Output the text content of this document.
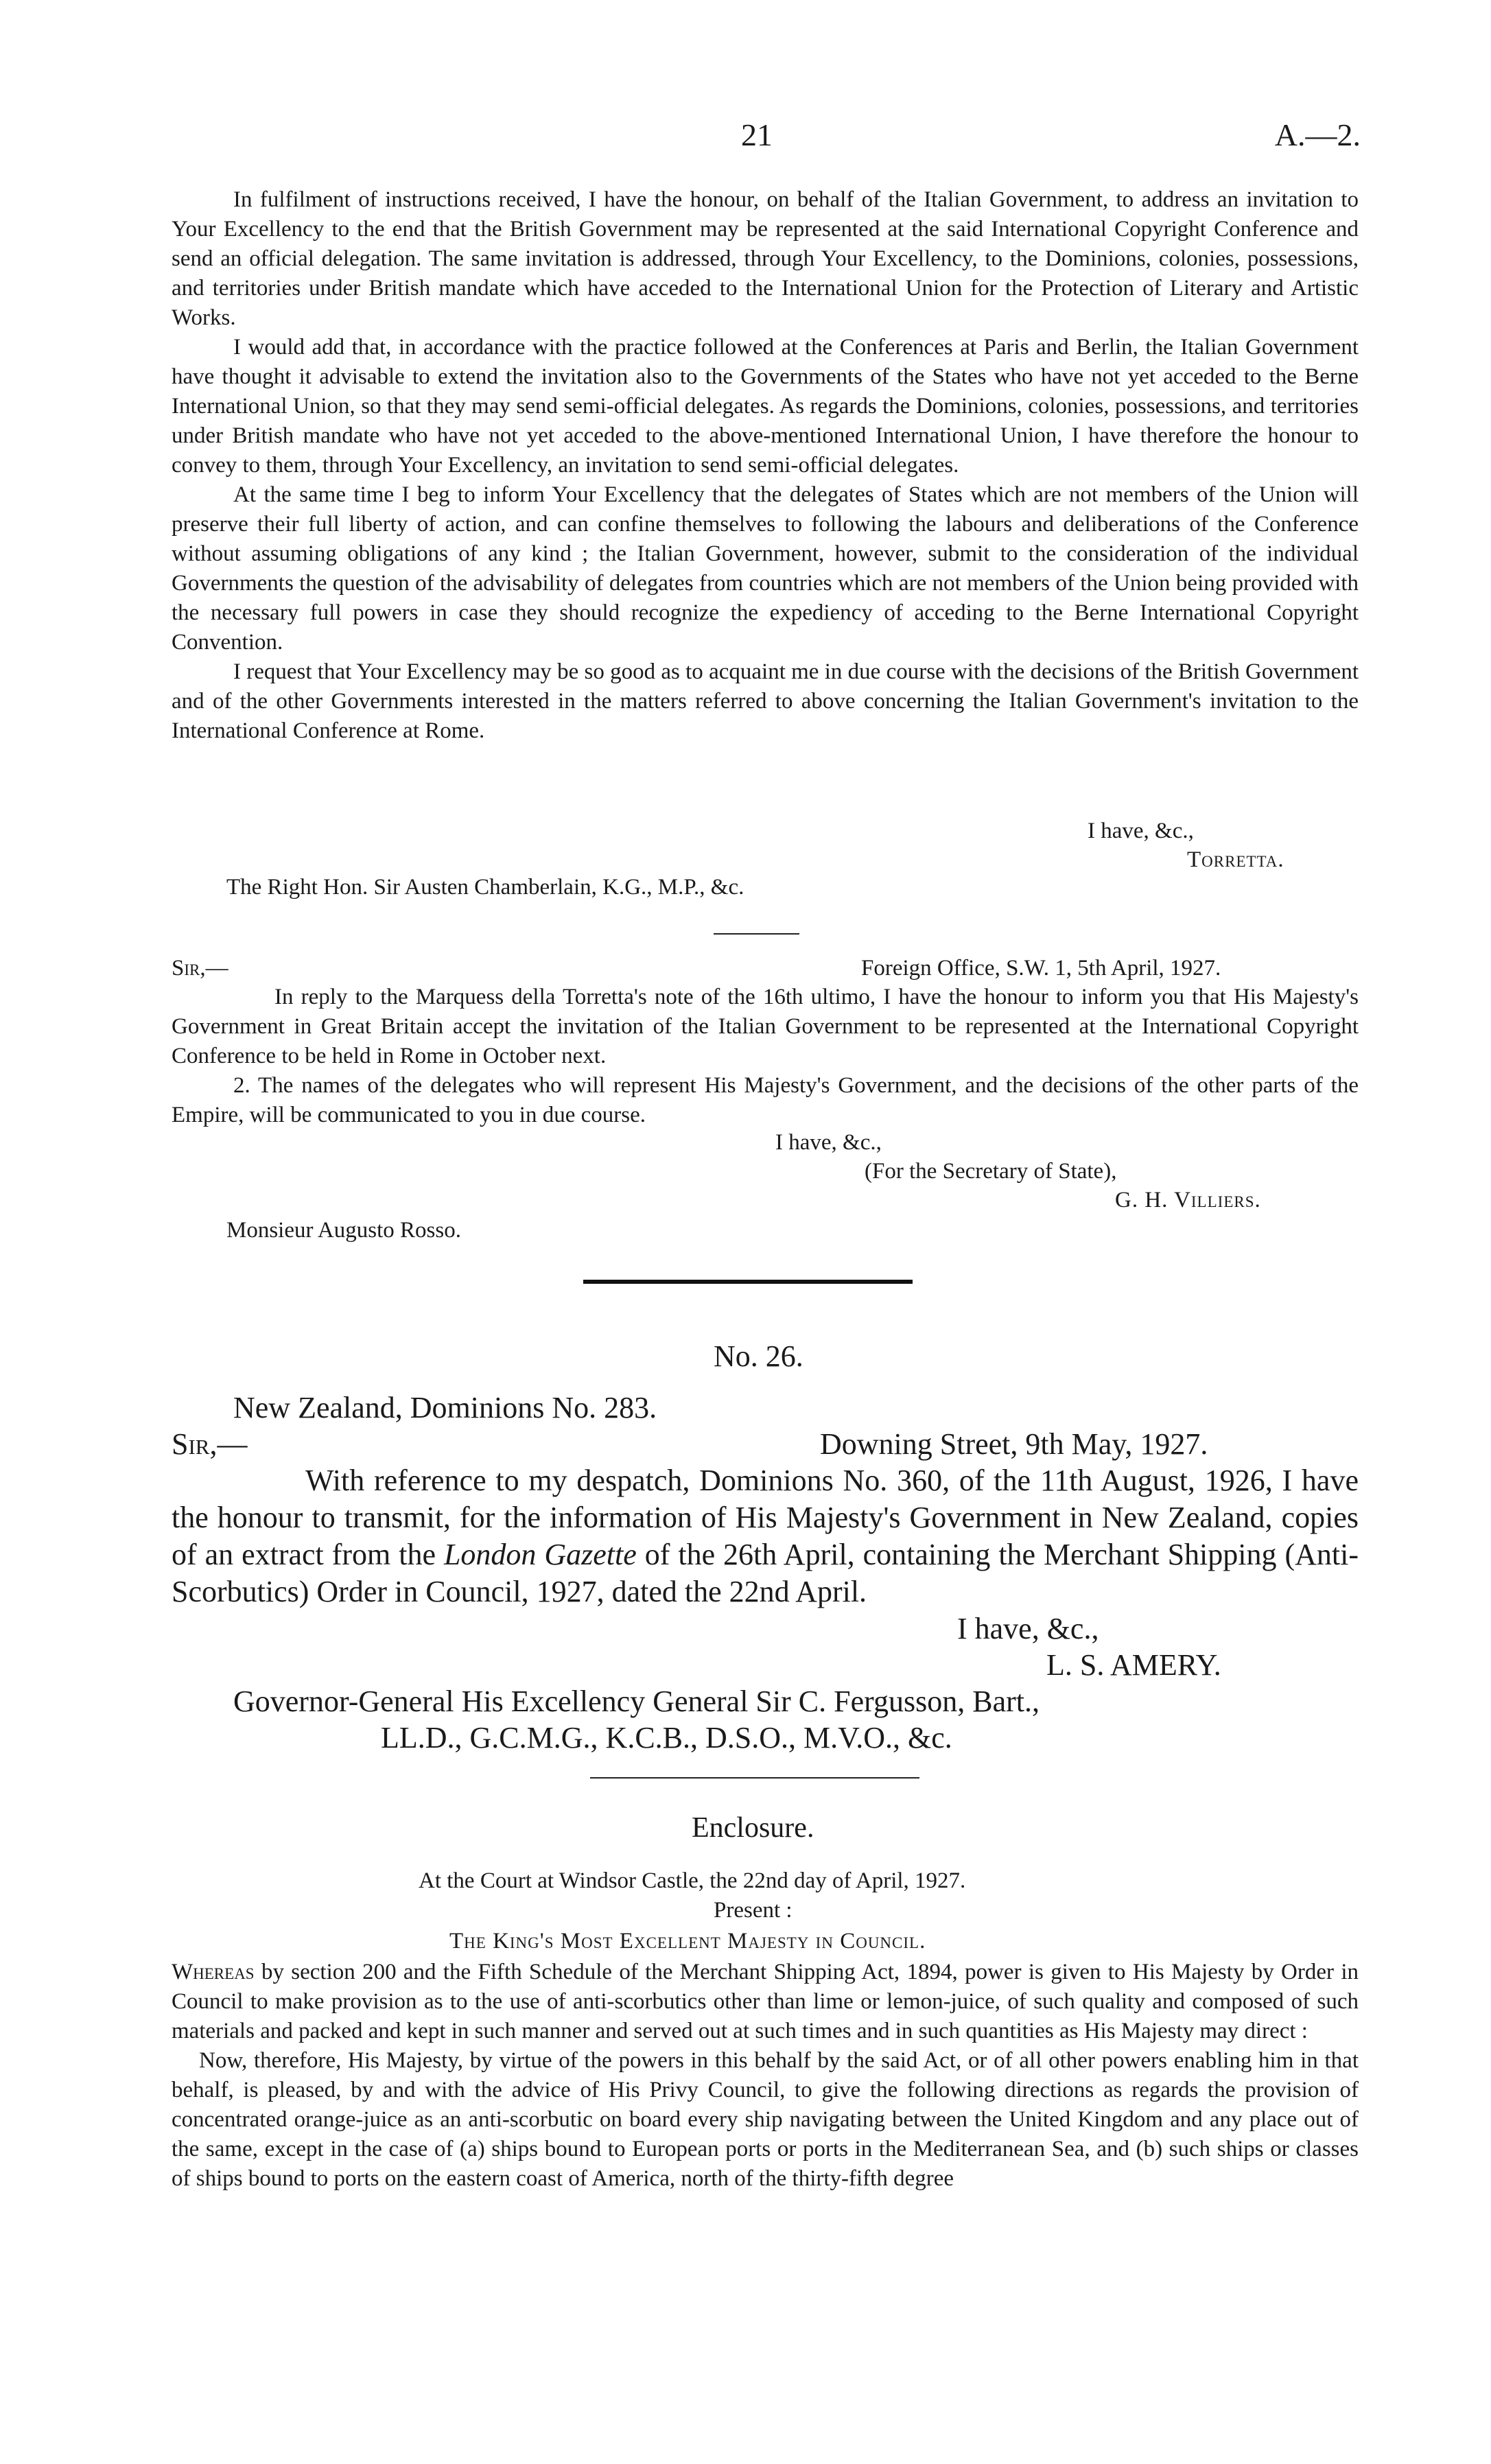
21	A.—2.

In fulfilment of instructions received, I have the honour, on behalf of the Italian Government, to address an invitation to Your Excellency to the end that the British Government may be represented at the said International Copyright Conference and send an official delegation. The same invitation is addressed, through Your Excellency, to the Dominions, colonies, possessions, and territories under British mandate which have acceded to the International Union for the Protection of Literary and Artistic Works.

I would add that, in accordance with the practice followed at the Conferences at Paris and Berlin, the Italian Government have thought it advisable to extend the invitation also to the Governments of the States who have not yet acceded to the Berne International Union, so that they may send semi-official delegates. As regards the Dominions, colonies, possessions, and territories under British mandate who have not yet acceded to the above-mentioned International Union, I have therefore the honour to convey to them, through Your Excellency, an invitation to send semi-official delegates.

At the same time I beg to inform Your Excellency that the delegates of States which are not members of the Union will preserve their full liberty of action, and can confine themselves to following the labours and deliberations of the Conference without assuming obligations of any kind ; the Italian Government, however, submit to the consideration of the individual Governments the question of the advisability of delegates from countries which are not members of the Union being provided with the necessary full powers in case they should recognize the expediency of acceding to the Berne International Copyright Convention.

I request that Your Excellency may be so good as to acquaint me in due course with the decisions of the British Government and of the other Governments interested in the matters referred to above concerning the Italian Government's invitation to the International Conference at Rome.

I have, &c.,
Torretta.
The Right Hon. Sir Austen Chamberlain, K.G., M.P., &c.
Sir,—	Foreign Office, S.W. 1, 5th April, 1927.

In reply to the Marquess della Torretta's note of the 16th ultimo, I have the honour to inform you that His Majesty's Government in Great Britain accept the invitation of the Italian Government to be represented at the International Copyright Conference to be held in Rome in October next.

2. The names of the delegates who will represent His Majesty's Government, and the decisions of the other parts of the Empire, will be communicated to you in due course.

I have, &c.,
(For the Secretary of State),
G. H. Villiers.
Monsieur Augusto Rosso.
No. 26.
New Zealand, Dominions No. 283.
Sir,—	Downing Street, 9th May, 1927.
With reference to my despatch, Dominions No. 360, of the 11th August, 1926, I have the honour to transmit, for the information of His Majesty's Government in New Zealand, copies of an extract from the London Gazette of the 26th April, containing the Merchant Shipping (Anti-Scorbutics) Order in Council, 1927, dated the 22nd April.
I have, &c.,
L. S. AMERY.
Governor-General His Excellency General Sir C. Fergusson, Bart.,
LL.D., G.C.M.G., K.C.B., D.S.O., M.V.O., &c.
Enclosure.
At the Court at Windsor Castle, the 22nd day of April, 1927.
Present :
The King's Most Excellent Majesty in Council.

Whereas by section 200 and the Fifth Schedule of the Merchant Shipping Act, 1894, power is given to His Majesty by Order in Council to make provision as to the use of anti-scorbutics other than lime or lemon-juice, of such quality and composed of such materials and packed and kept in such manner and served out at such times and in such quantities as His Majesty may direct :

Now, therefore, His Majesty, by virtue of the powers in this behalf by the said Act, or of all other powers enabling him in that behalf, is pleased, by and with the advice of His Privy Council, to give the following directions as regards the provision of concentrated orange-juice as an anti-scorbutic on board every ship navigating between the United Kingdom and any place out of the same, except in the case of (a) ships bound to European ports or ports in the Mediterranean Sea, and (b) such ships or classes of ships bound to ports on the eastern coast of America, north of the thirty-fifth degree
